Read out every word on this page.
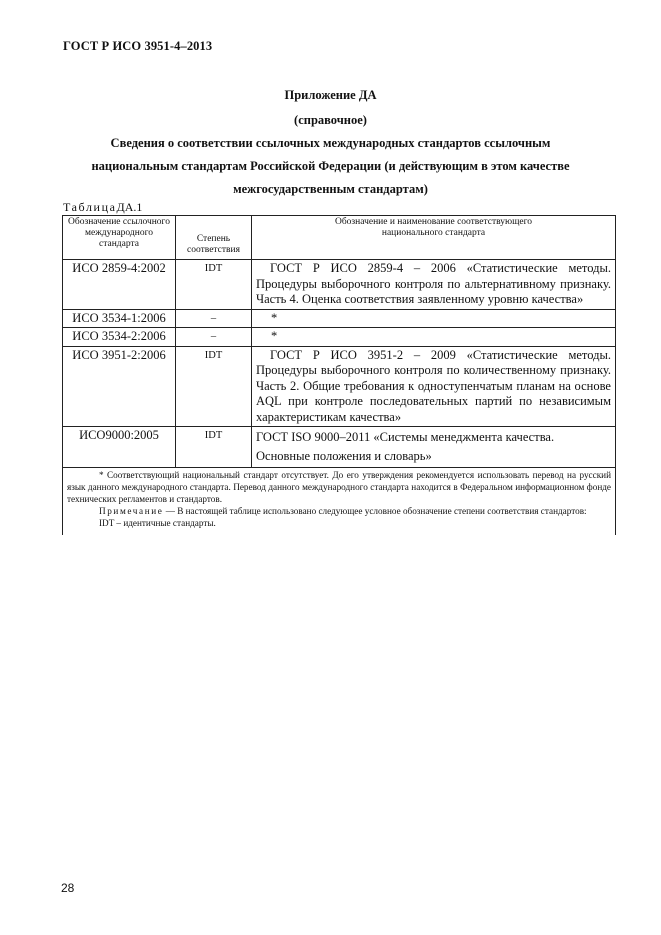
ГОСТ Р ИСО 3951-4–2013
Приложение ДА
(справочное)
Сведения о соответствии ссылочных международных стандартов ссылочным
национальным стандартам Российской Федерации (и действующим в этом качестве
межгосударственным стандартам)
ТаблицаДА.1
Обозначение ссылочного международного стандарта	Степень соответствия	Обозначение и наименование соответствующего национального стандарта
ИСО 2859-4:2002	IDT	ГОСТ Р ИСО 2859-4 – 2006 «Статистические методы. Процедуры выборочного контроля по альтернативному признаку. Часть 4. Оценка соответствия заявленному уровню качества»
ИСО 3534-1:2006	–	*
ИСО 3534-2:2006	–	*
ИСО 3951-2:2006	IDT	ГОСТ Р ИСО 3951-2 – 2009 «Статистические методы. Процедуры выборочного контроля по количественному признаку. Часть 2. Общие требования к одноступенчатым планам на основе AQL при контроле последовательных партий по независимым характеристикам качества»
ИСО9000:2005	IDT	ГОСТ ISO 9000–2011 «Системы менеджмента качества. Основные положения и словарь»

* Соответствующий национальный стандарт отсутствует. До его утверждения рекомендуется использовать перевод на русский язык данного международного стандарта. Перевод данного международного стандарта находится в Федеральном информационном фонде технических регламентов и стандартов.

Примечание — В настоящей таблице использовано следующее условное обозначение степени соответствия стандартов:

IDT – идентичные стандарты.		

28
